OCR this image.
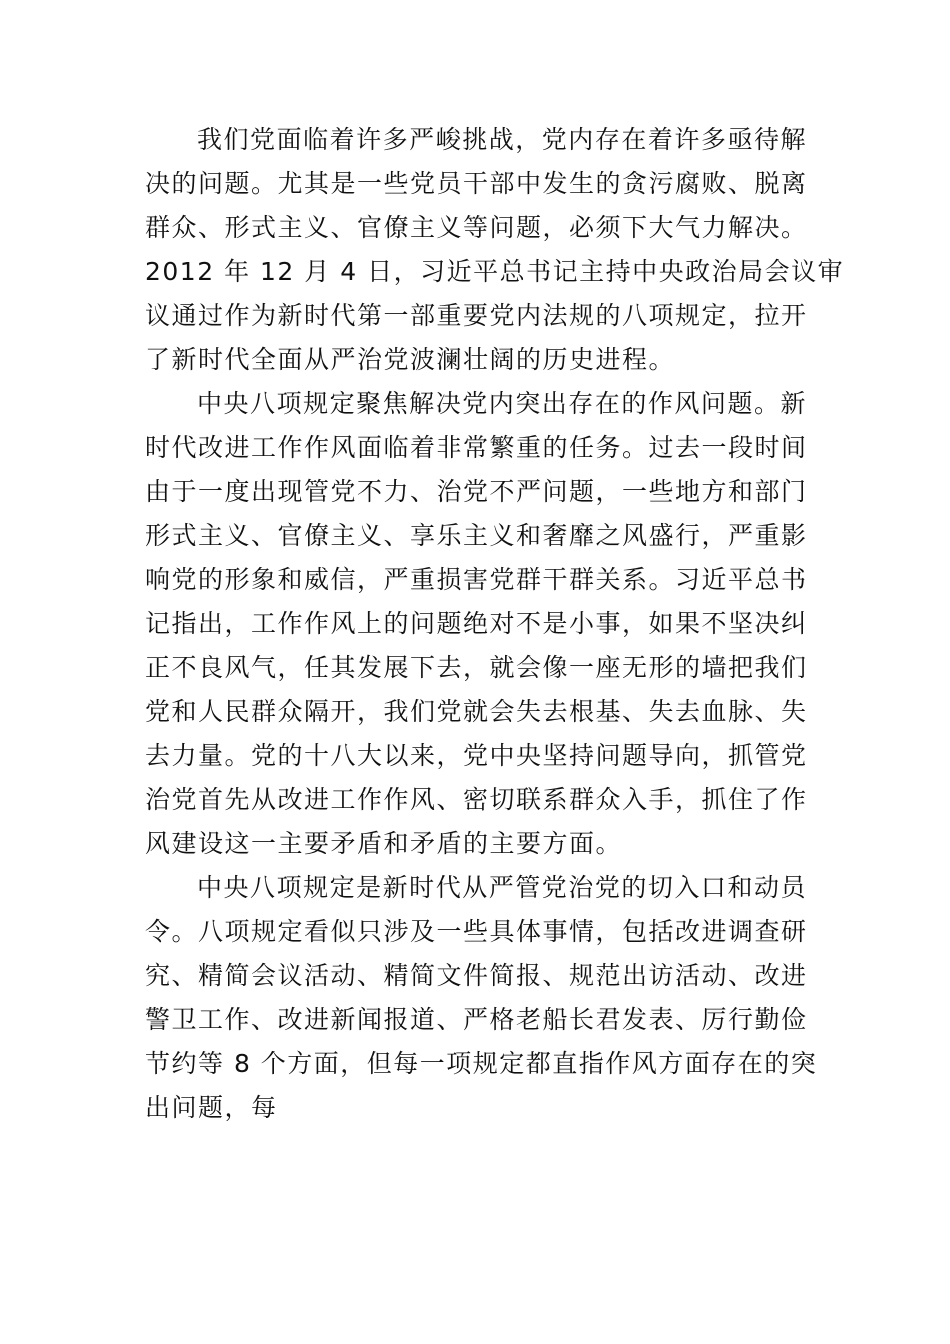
我们党面临着许多严峻挑战，党内存在着许多亟待解
决的问题。尤其是一些党员干部中发生的贪污腐败、脱离
群众、形式主义、官僚主义等问题，必须下大气力解决。
2012 年 12 月 4 日，习近平总书记主持中央政治局会议审
议通过作为新时代第一部重要党内法规的八项规定，拉开
了新时代全面从严治党波澜壮阔的历史进程。
中央八项规定聚焦解决党内突出存在的作风问题。新
时代改进工作作风面临着非常繁重的任务。过去一段时间
由于一度出现管党不力、治党不严问题，一些地方和部门
形式主义、官僚主义、享乐主义和奢靡之风盛行，严重影
响党的形象和威信，严重损害党群干群关系。习近平总书
记指出，工作作风上的问题绝对不是小事，如果不坚决纠
正不良风气，任其发展下去，就会像一座无形的墙把我们
党和人民群众隔开，我们党就会失去根基、失去血脉、失
去力量。党的十八大以来，党中央坚持问题导向，抓管党
治党首先从改进工作作风、密切联系群众入手，抓住了作
风建设这一主要矛盾和矛盾的主要方面。
中央八项规定是新时代从严管党治党的切入口和动员
令。八项规定看似只涉及一些具体事情，包括改进调查研
究、精简会议活动、精简文件简报、规范出访活动、改进
警卫工作、改进新闻报道、严格老船长君发表、厉行勤俭
节约等 8 个方面，但每一项规定都直指作风方面存在的突
出问题，每
